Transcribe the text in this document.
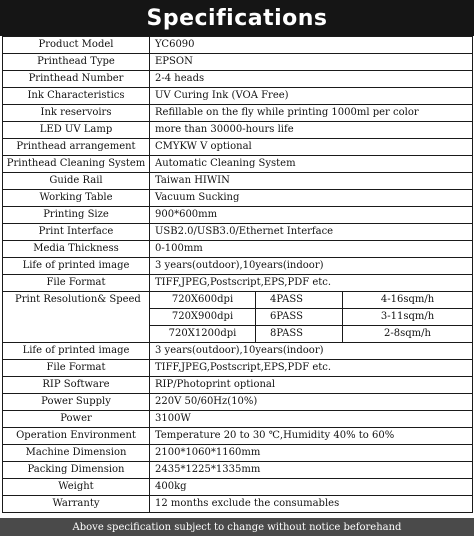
Specifications
Product Model	YC6090		
Printhead Type	EPSON		
Printhead Number	2-4 heads		
Ink Characteristics	UV Curing Ink (VOA Free)		
Ink reservoirs	Refillable on the fly while printing 1000ml per color		
LED UV Lamp	more than 30000-hours life		
Printhead arrangement	CMYKW V optional		
Printhead Cleaning System	Automatic Cleaning System		
Guide Rail	Taiwan HIWIN		
Working Table	Vacuum Sucking		
Printing Size	900*600mm		
Print Interface	USB2.0/USB3.0/Ethernet Interface		
Media Thickness	0-100mm		
Life of printed image	3 years(outdoor),10years(indoor)		
File Format	TIFF,JPEG,Postscript,EPS,PDF etc.		
Print Resolution& Speed	720X600dpi	4PASS	4-16sqm/h
	720X900dpi	6PASS	3-11sqm/h
	720X1200dpi	8PASS	2-8sqm/h
Life of printed image	3 years(outdoor),10years(indoor)		
File Format	TIFF,JPEG,Postscript,EPS,PDF etc.		
RIP Software	RIP/Photoprint optional		
Power Supply	220V 50/60Hz(10%)		
Power	3100W		
Operation Environment	Temperature 20 to 30 ℃,Humidity 40% to 60%		
Machine Dimension	2100*1060*1160mm		
Packing Dimension	2435*1225*1335mm		
Weight	400kg		
Warranty	12 months exclude the consumables		
Above specification subject to change without notice beforehand
